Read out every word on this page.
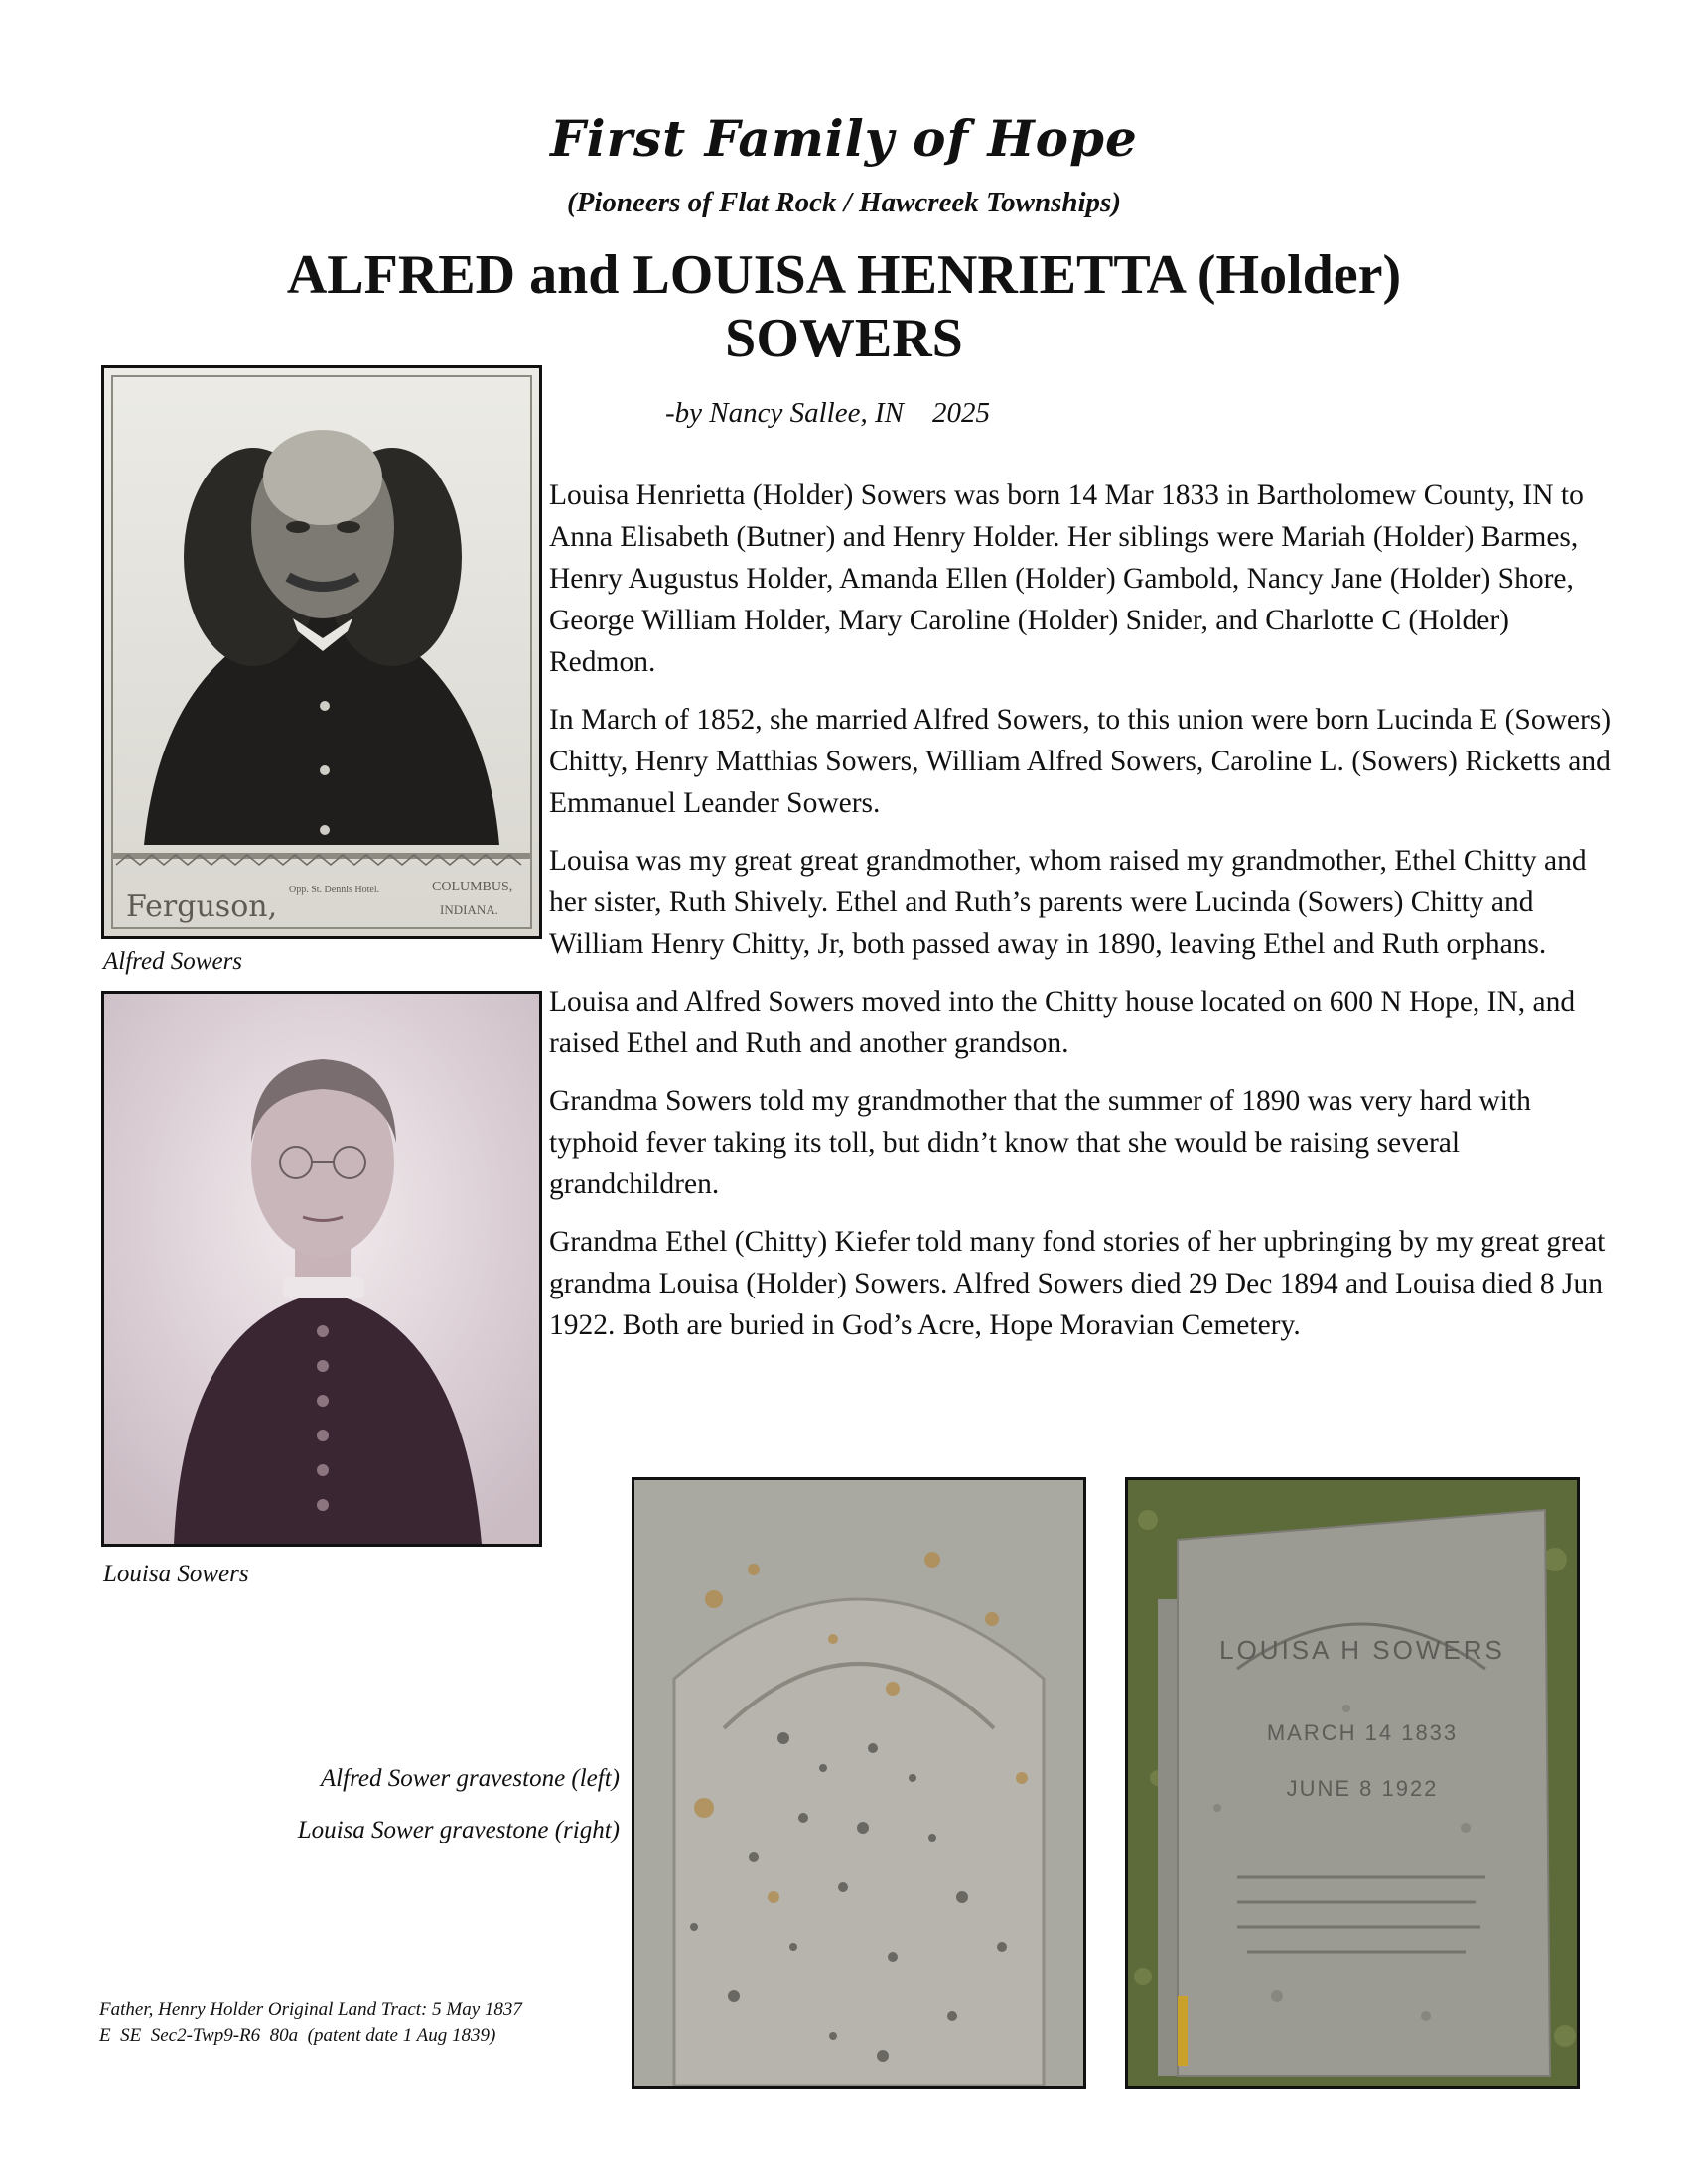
First Family of Hope
(Pioneers of Flat Rock / Hawcreek Townships)
ALFRED and LOUISA HENRIETTA (Holder)
SOWERS
-by Nancy Sallee, IN    2025
Ferguson, Opp. St. Dennis Hotel.	COLUMBUS,
INDIANA.
Alfred Sowers
Louisa Sowers

Louisa Henrietta (Holder) Sowers was born 14 Mar 1833 in Bartholomew County, IN to Anna Elisabeth (Butner) and Henry Holder. Her siblings were Mariah (Holder) Barmes, Henry Augustus Holder, Amanda Ellen (Holder) Gambold, Nancy Jane (Holder) Shore, George William Holder, Mary Caroline (Holder) Snider, and Charlotte C (Holder) Redmon.

In March of 1852, she married Alfred Sowers, to this union were born Lucinda E (Sowers) Chitty, Henry Matthias Sowers, William Alfred Sowers, Caroline L. (Sowers) Ricketts and Emmanuel Leander Sowers.

Louisa was my great great grandmother, whom raised my grandmother, Ethel Chitty and her sister, Ruth Shively. Ethel and Ruth’s parents were Lucinda (Sowers) Chitty and William Henry Chitty, Jr, both passed away in 1890, leaving Ethel and Ruth orphans.

Louisa and Alfred Sowers moved into the Chitty house located on 600 N Hope, IN, and raised Ethel and Ruth and another grandson.

Grandma Sowers told my grandmother that the summer of 1890 was very hard with typhoid fever taking its toll, but didn’t know that she would be raising several grandchildren.

Grandma Ethel (Chitty) Kiefer told many fond stories of her upbringing by my great great grandma Louisa (Holder) Sowers. Alfred Sowers died 29 Dec 1894 and Louisa died 8 Jun 1922. Both are buried in God’s Acre, Hope Moravian Cemetery.

Alfred Sower gravestone (left)
Louisa Sower gravestone (right)
LOUISA H SOWERS
MARCH 14 1833
JUNE 8 1922
Father, Henry Holder Original Land Tract: 5 May 1837
E  SE  Sec2-Twp9-R6  80a  (patent date 1 Aug 1839)
